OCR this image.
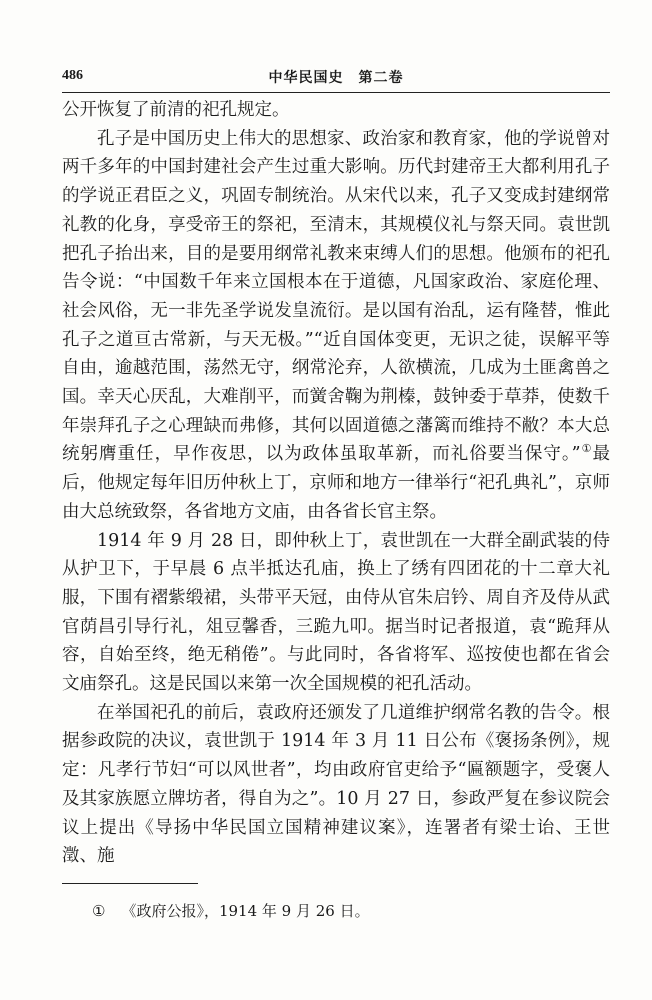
486	中华民国史　第二卷

公开恢复了前清的祀孔规定。

孔子是中国历史上伟大的思想家、政治家和教育家，他的学说曾对两千多年的中国封建社会产生过重大影响。历代封建帝王大都利用孔子的学说正君臣之义，巩固专制统治。从宋代以来，孔子又变成封建纲常礼教的化身，享受帝王的祭祀，至清末，其规模仪礼与祭天同。袁世凯把孔子抬出来，目的是要用纲常礼教来束缚人们的思想。他颁布的祀孔告令说：“中国数千年来立国根本在于道德，凡国家政治、家庭伦理、社会风俗，无一非先圣学说发皇流衍。是以国有治乱，运有隆替，惟此孔子之道亘古常新，与天无极。”“近自国体变更，无识之徒，误解平等自由，逾越范围，荡然无守，纲常沦弃，人欲横流，几成为土匪禽兽之国。幸天心厌乱，大难削平，而黉舍鞠为荆榛，鼓钟委于草莽，使数千年崇拜孔子之心理缺而弗修，其何以固道德之藩篱而维持不敝？本大总统躬膺重任，早作夜思，以为政体虽取革新，而礼俗要当保守。”①最后，他规定每年旧历仲秋上丁，京师和地方一律举行“祀孔典礼”，京师由大总统致祭，各省地方文庙，由各省长官主祭。

1914 年 9 月 28 日，即仲秋上丁，袁世凯在一大群全副武装的侍从护卫下，于早晨 6 点半抵达孔庙，换上了绣有四团花的十二章大礼服，下围有褶紫缎裙，头带平天冠，由侍从官朱启钤、周自齐及侍从武官荫昌引导行礼，俎豆馨香，三跪九叩。据当时记者报道，袁“跪拜从容，自始至终，绝无稍倦”。与此同时，各省将军、巡按使也都在省会文庙祭孔。这是民国以来第一次全国规模的祀孔活动。

在举国祀孔的前后，袁政府还颁发了几道维护纲常名教的告令。根据参政院的决议，袁世凯于 1914 年 3 月 11 日公布《褒扬条例》，规定：凡孝行节妇“可以风世者”，均由政府官吏给予“匾额题字，受褒人及其家族愿立牌坊者，得自为之”。10 月 27 日，参政严复在参议院会议上提出《导扬中华民国立国精神建议案》，连署者有梁士诒、王世澂、施

① 《政府公报》，1914 年 9 月 26 日。
